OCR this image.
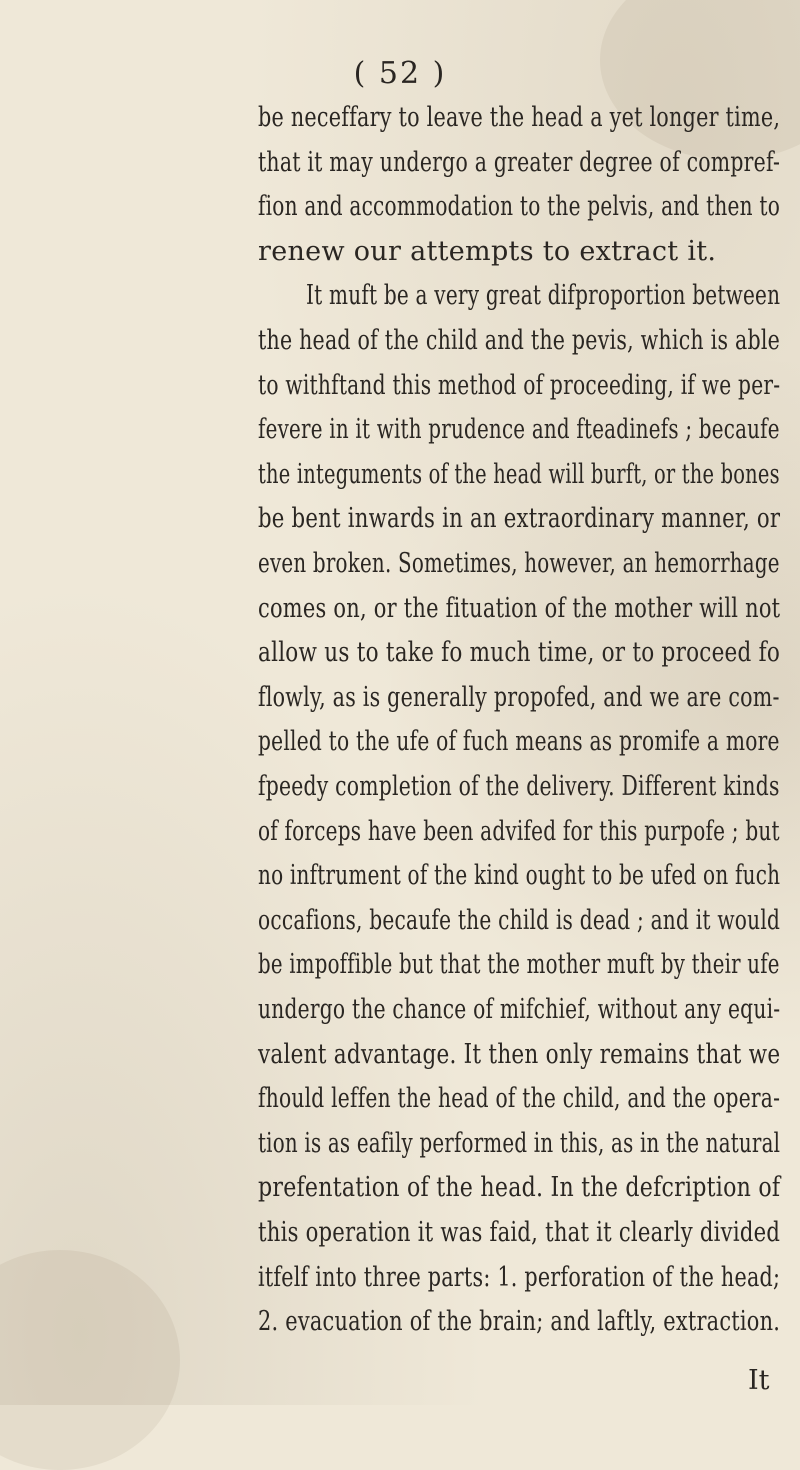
( 52 )
be neceffary to leave the head a yet longer time,
that it may undergo a greater degree of compref-
fion and accommodation to the pelvis, and then to
renew our attempts to extract it.
It muft be a very great difproportion between
the head of the child and the pevis, which is able
to withftand this method of proceeding, if we per-
fevere in it with prudence and fteadinefs ; becaufe
the integuments of the head will burft, or the bones
be bent inwards in an extraordinary manner, or
even broken. Sometimes, however, an hemorrhage
comes on, or the fituation of the mother will not
allow us to take fo much time, or to proceed fo
flowly, as is generally propofed, and we are com-
pelled to the ufe of fuch means as promife a more
fpeedy completion of the delivery. Different kinds
of forceps have been advifed for this purpofe ; but
no inftrument of the kind ought to be ufed on fuch
occafions, becaufe the child is dead ; and it would
be impoffible but that the mother muft by their ufe
undergo the chance of mifchief, without any equi-
valent advantage. It then only remains that we
fhould leffen the head of the child, and the opera-
tion is as eafily performed in this, as in the natural
prefentation of the head. In the defcription of
this operation it was faid, that it clearly divided
itfelf into three parts: 1. perforation of the head;
2. evacuation of the brain; and laftly, extraction.
It
